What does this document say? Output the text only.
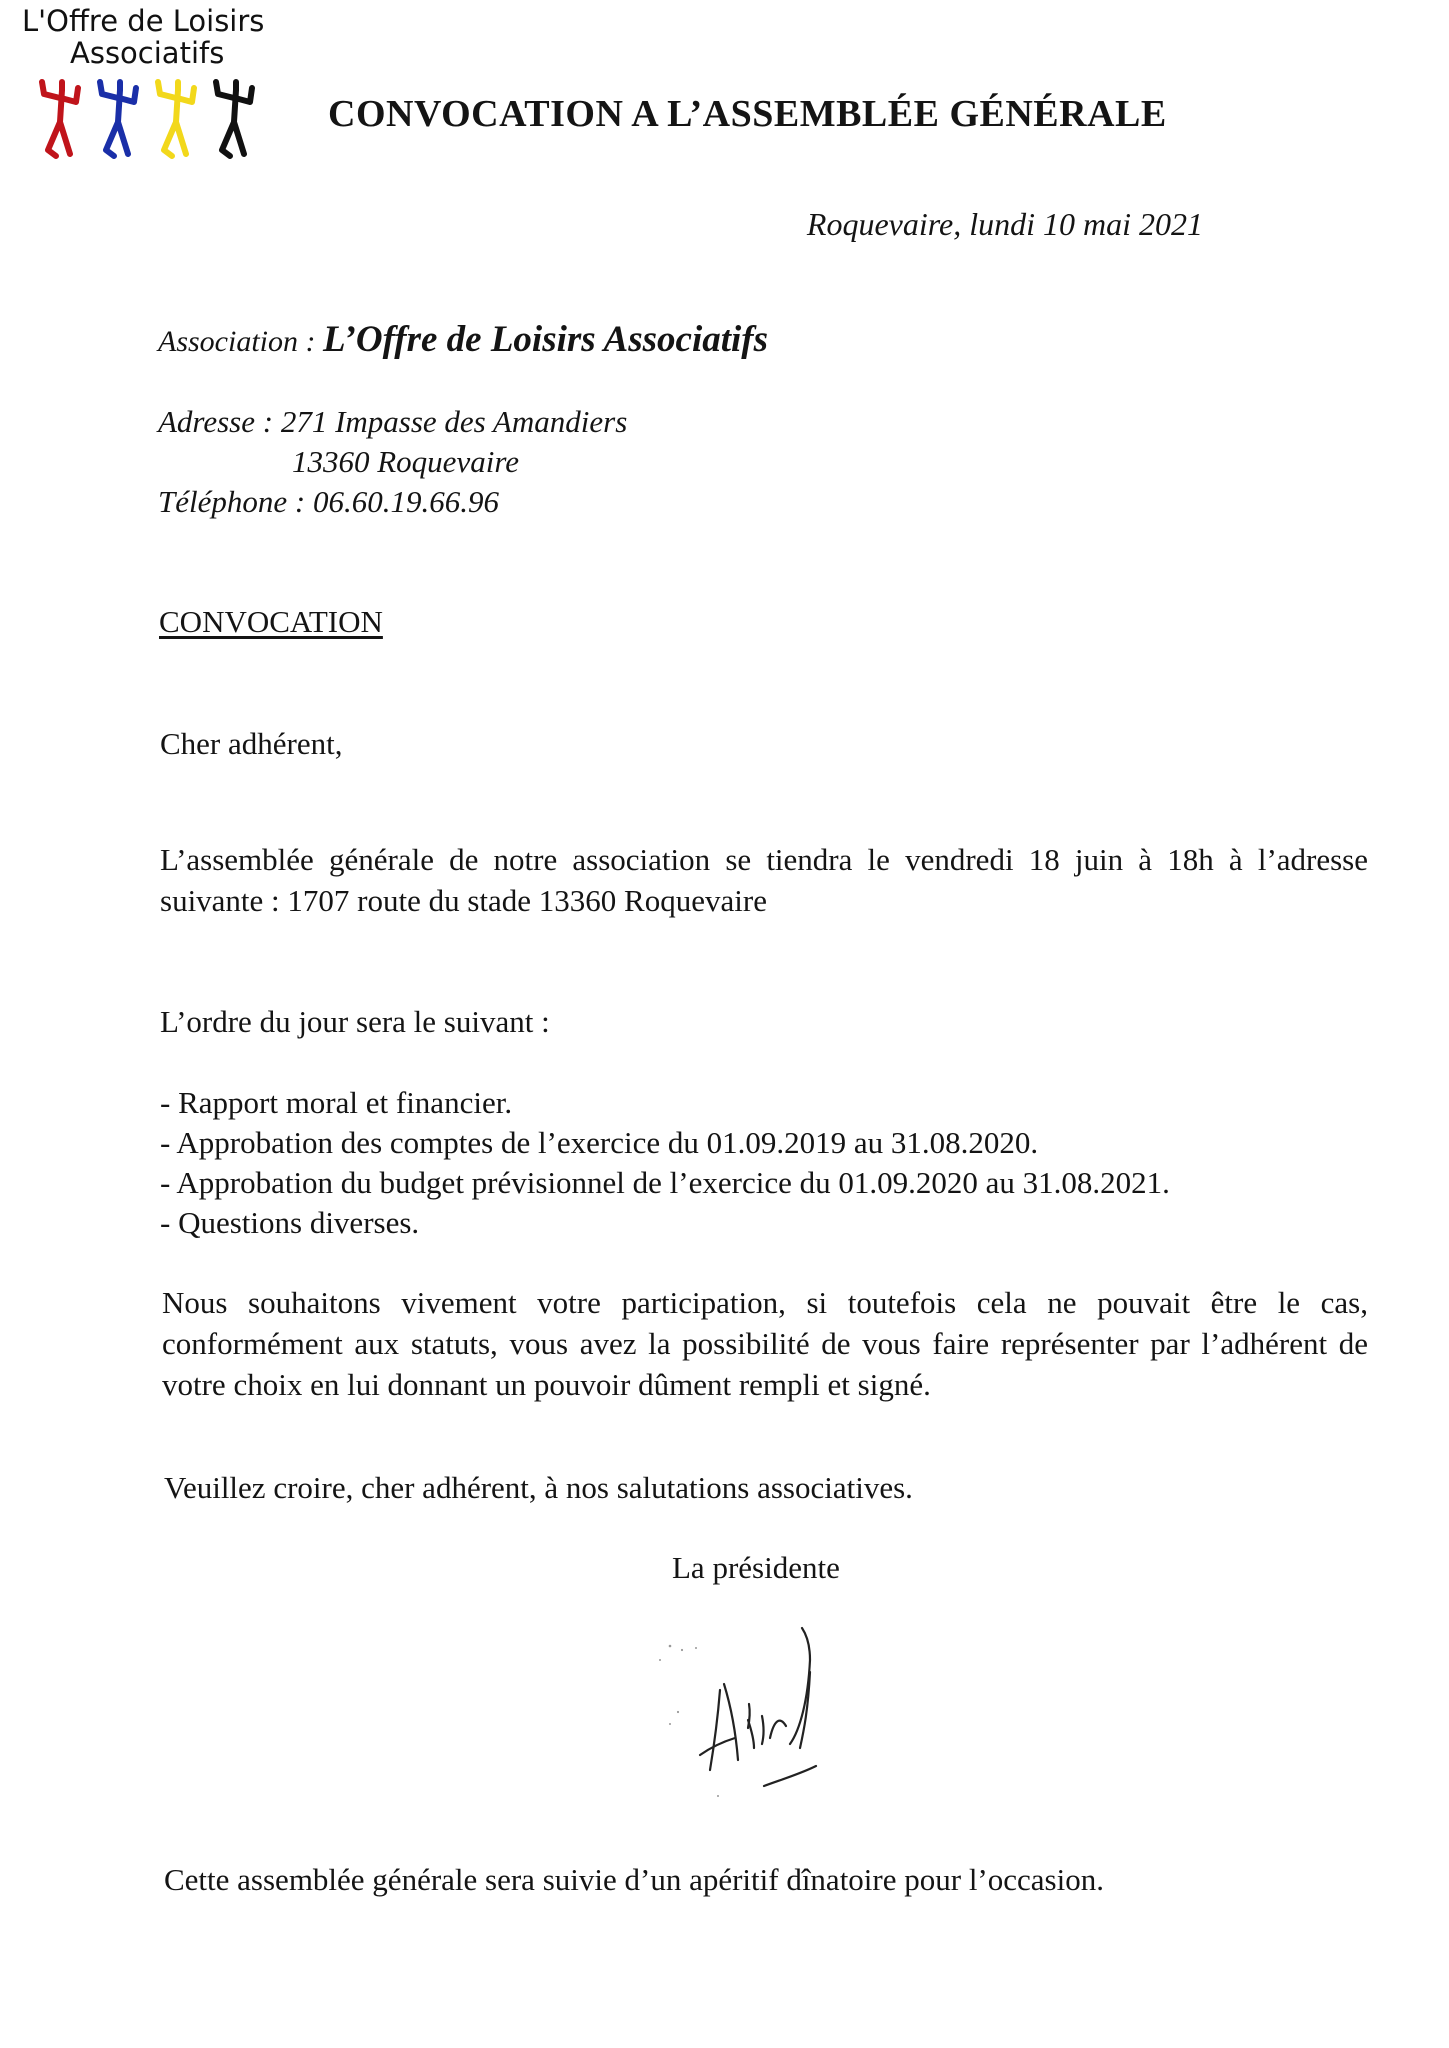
L'Offre de Loisirs
Associatifs
CONVOCATION A L’ASSEMBLÉE GÉNÉRALE
Roquevaire, lundi 10 mai 2021
Association : L’Offre de Loisirs Associatifs
Adresse : 271 Impasse des Amandiers
13360 Roquevaire
Téléphone : 06.60.19.66.96
CONVOCATION
Cher adhérent,
L’assemblée générale de notre association se tiendra le vendredi 18 juin à 18h à l’adresse suivante : 1707 route du stade 13360 Roquevaire
L’ordre du jour sera le suivant :
- Rapport moral et financier.
- Approbation des comptes de l’exercice du 01.09.2019 au 31.08.2020.
- Approbation du budget prévisionnel de l’exercice du 01.09.2020 au 31.08.2021.
- Questions diverses.
Nous souhaitons vivement votre participation, si toutefois cela ne pouvait être le cas, conformément aux statuts, vous avez la possibilité de vous faire représenter par l’adhérent de votre choix en lui donnant un pouvoir dûment rempli et signé.
Veuillez croire, cher adhérent, à nos salutations associatives.
La présidente
Cette assemblée générale sera suivie d’un apéritif dînatoire pour l’occasion.
